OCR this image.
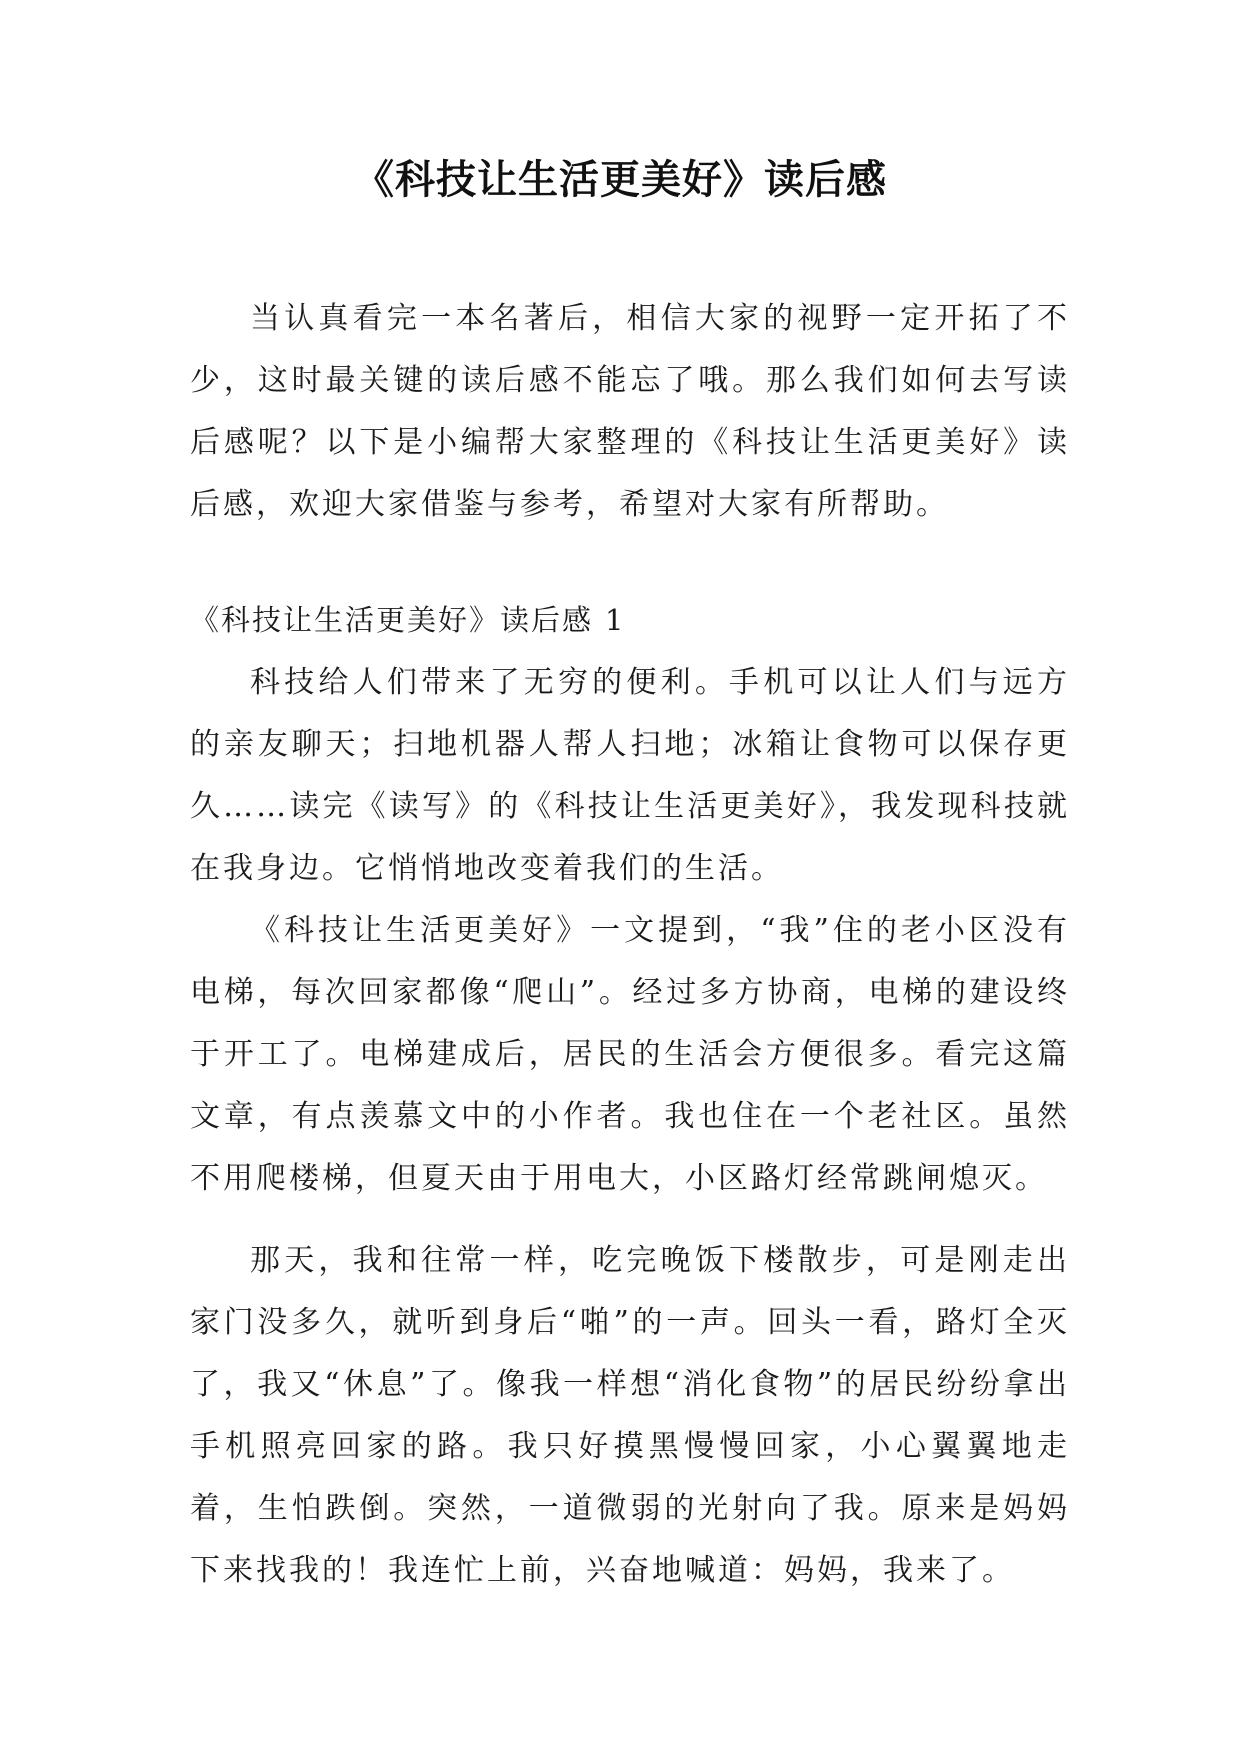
《科技让生活更美好》读后感

当认真看完一本名著后，相信大家的视野一定开拓了不少，这时最关键的读后感不能忘了哦。那么我们如何去写读后感呢？以下是小编帮大家整理的《科技让生活更美好》读后感，欢迎大家借鉴与参考，希望对大家有所帮助。

《科技让生活更美好》读后感 1

科技给人们带来了无穷的便利。手机可以让人们与远方的亲友聊天；扫地机器人帮人扫地；冰箱让食物可以保存更久……读完《读写》的《科技让生活更美好》，我发现科技就在我身边。它悄悄地改变着我们的生活。

《科技让生活更美好》一文提到，“我”住的老小区没有电梯，每次回家都像“爬山”。经过多方协商，电梯的建设终于开工了。电梯建成后，居民的生活会方便很多。看完这篇文章，有点羡慕文中的小作者。我也住在一个老社区。虽然不用爬楼梯，但夏天由于用电大，小区路灯经常跳闸熄灭。

那天，我和往常一样，吃完晚饭下楼散步，可是刚走出家门没多久，就听到身后“啪”的一声。回头一看，路灯全灭了，我又“休息”了。像我一样想“消化食物”的居民纷纷拿出手机照亮回家的路。我只好摸黑慢慢回家，小心翼翼地走着，生怕跌倒。突然，一道微弱的光射向了我。原来是妈妈下来找我的！我连忙上前，兴奋地喊道：妈妈，我来了。
